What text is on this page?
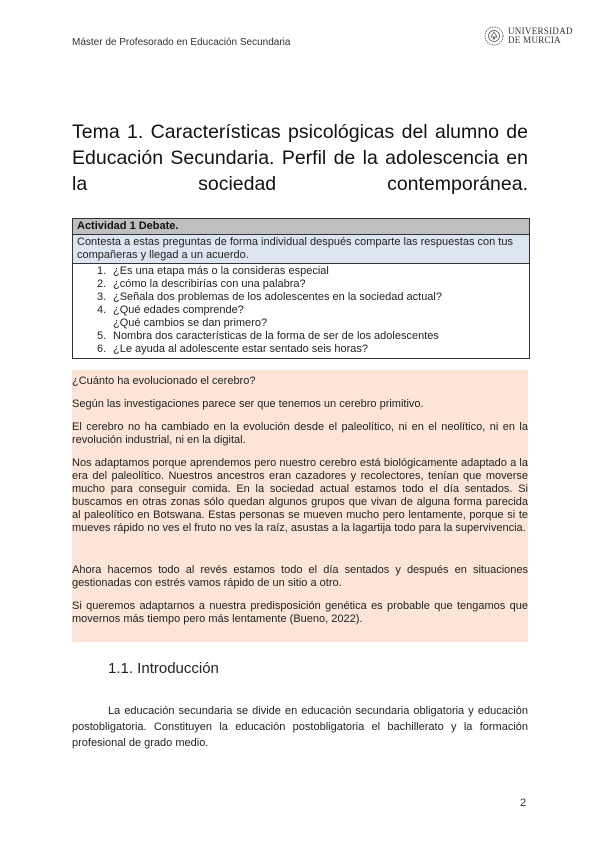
Máster de Profesorado en Educación Secundaria
UNIVERSIDAD
DE MURCIA
Tema 1. Características psicológicas del alumno de Educación Secundaria. Perfil de la adolescencia en la sociedad contemporánea.
Actividad 1 Debate.
Contesta a estas preguntas de forma individual después comparte las respuestas con tus compañeras y llegad a un acuerdo.
1. ¿Es una etapa más o la consideras especial
2. ¿cómo la describirías con una palabra?
3. ¿Señala dos problemas de los adolescentes en la sociedad actual?
4. ¿Qué edades comprende?
¿Qué cambios se dan primero?
5. Nombra dos características de la forma de ser de los adolescentes
6. ¿Le ayuda al adolescente estar sentado seis horas?

¿Cuánto ha evolucionado el cerebro?

Según las investigaciones parece ser que tenemos un cerebro primitivo.

El cerebro no ha cambiado en la evolución desde el paleolítico, ni en el neolítico, ni en la revolución industrial, ni en la digital.

Nos adaptamos porque aprendemos pero nuestro cerebro está biológicamente adaptado a la era del paleolítico. Nuestros ancestros eran cazadores y recolectores, tenían que moverse mucho para conseguir comida. En la sociedad actual estamos todo el día sentados. Si buscamos en otras zonas sólo quedan algunos grupos que vivan de alguna forma parecida al paleolítico en Botswana. Estas personas se mueven mucho pero lentamente, porque si te mueves rápido no ves el fruto no ves la raíz, asustas a la lagartija todo para la supervivencia.

Ahora hacemos todo al revés estamos todo el día sentados y después en situaciones gestionadas con estrés vamos rápido de un sitio a otro.

Si queremos adaptarnos a nuestra predisposición genética es probable que tengamos que movernos más tiempo pero más lentamente (Bueno, 2022).

1.1. Introducción

La educación secundaria se divide en educación secundaria obligatoria y educación postobligatoria. Constituyen la educación postobligatoria el bachillerato y la formación profesional de grado medio.

2
